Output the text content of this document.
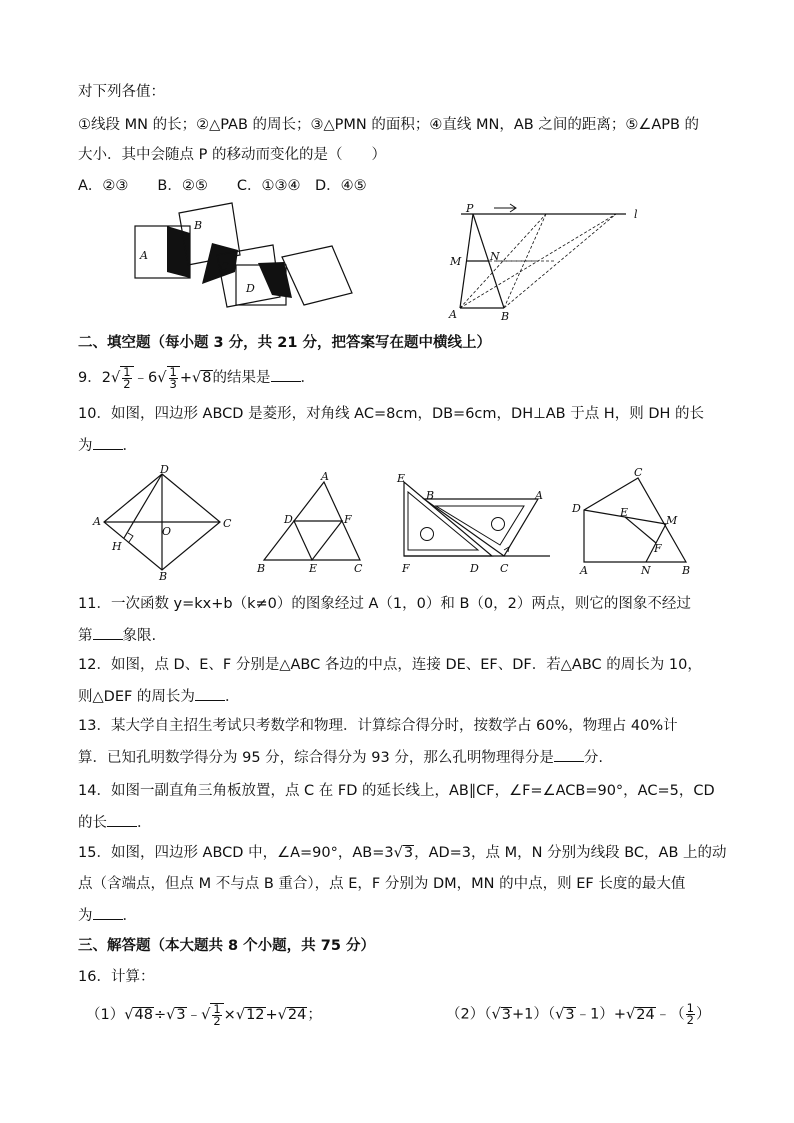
对下列各值：
①线段 MN 的长；②△PAB 的周长；③△PMN 的面积；④直线 MN，AB 之间的距离；⑤∠APB 的
大小．其中会随点 P 的移动而变化的是（　　）
A．②③　　B．②⑤　　C．①③④　D．④⑤
A
B
C
D
P	l
M	N
A	B
二、填空题（每小题 3 分，共 21 分，把答案写在题中横线上）
9．$2√ \frac{1}{2}$ ﹣6√ $\frac{1}{3} +√8$的结果是 ．
10．如图，四边形 ABCD 是菱形，对角线 AC=8cm，DB=6cm，DH⊥AB 于点 H，则 DH 的长
为 ．
D
A	C
O
H
B
A
D	F
B	E	C
E
B	A
F	D C
C
D	E
M
F
A	N	B
11．一次函数 y=kx+b（k≠0）的图象经过 A（1，0）和 B（0，2）两点，则它的图象不经过
第 象限.
12．如图，点 D、E、F 分别是△ABC 各边的中点，连接 DE、EF、DF．若△ABC 的周长为 10，
则△DEF 的周长为 ．
13．某大学自主招生考试只考数学和物理．计算综合得分时，按数学占 60%，物理占 40%计
算．已知孔明数学得分为 95 分，综合得分为 93 分，那么孔明物理得分是 分.
14．如图一副直角三角板放置，点 C 在 FD 的延长线上，AB∥CF，∠F=∠ACB=90°，AC=5，CD
的长 ．
15．如图，四边形 ABCD 中，∠A=90°，AB=3√3，AD=3，点 M，N 分别为线段 BC，AB 上的动
点（含端点，但点 M 不与点 B 重合），点 E，F 分别为 DM，MN 的中点，则 EF 长度的最大值
为 ．
三、解答题（本大题共 8 个小题，共 75 分）
16．计算：
（1）√48÷√3﹣√ $\frac{1}{2} \times√12+√24$；	（2）（√3+1）（√3﹣1）+√24﹣（ $\frac{1}{2}$ ）
